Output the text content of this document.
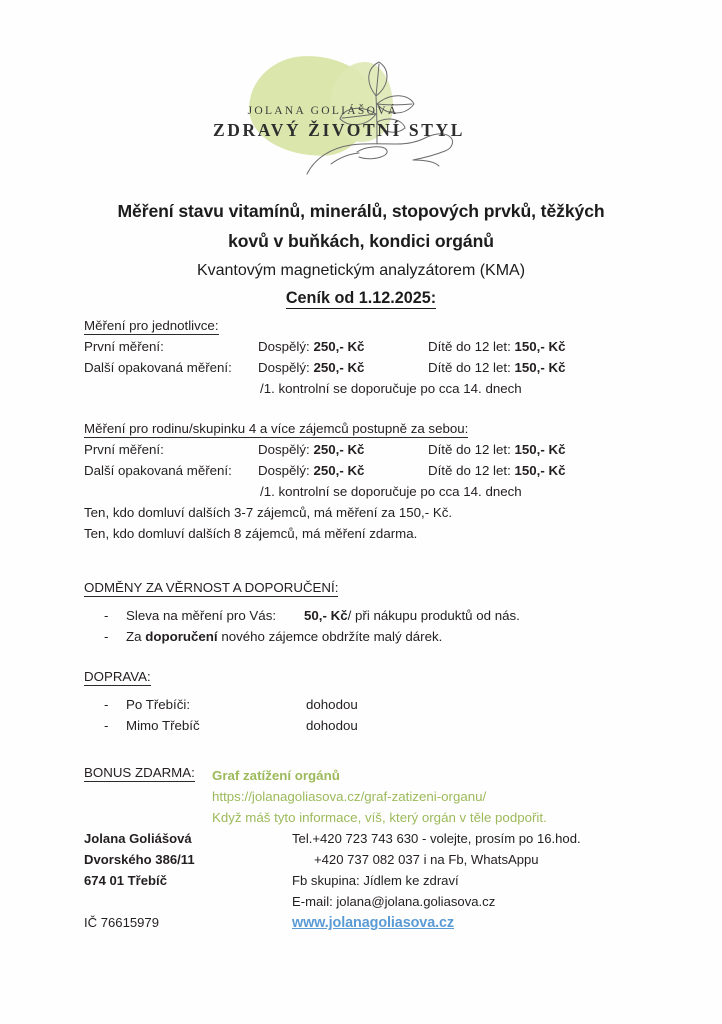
JOLANA GOLIÁŠOVÁ
ZDRAVÝ ŽIVOTNÍ STYL
Měření stavu vitamínů, minerálů, stopových prvků, těžkých
kovů v buňkách, kondici orgánů
Kvantovým magnetickým analyzátorem (KMA)
Ceník od 1.12.2025:
Měření pro jednotlivce:
První měření:	Dospělý: 250,- Kč	Dítě do 12 let: 150,- Kč
Další opakovaná měření: Dospělý: 250,- Kč	Dítě do 12 let: 150,- Kč
/1. kontrolní se doporučuje po cca 14. dnech
Měření pro rodinu/skupinku 4 a více zájemců postupně za sebou:
První měření:	Dospělý: 250,- Kč	Dítě do 12 let: 150,- Kč
Další opakovaná měření: Dospělý: 250,- Kč	Dítě do 12 let: 150,- Kč
/1. kontrolní se doporučuje po cca 14. dnech
Ten, kdo domluví dalších 3-7 zájemců, má měření za 150,- Kč.
Ten, kdo domluví dalších 8 zájemců, má měření zdarma.
ODMĚNY ZA VĚRNOST A DOPORUČENÍ:
- Sleva na měření pro Vás: 50,- Kč/ při nákupu produktů od nás.
- Za doporučení nového zájemce obdržíte malý dárek.
DOPRAVA:
- Po Třebíči:	dohodou
- Mimo Třebíč	dohodou
BONUS ZDARMA: Graf zatížení orgánů
https://jolanagoliasova.cz/graf-zatizeni-organu/
Když máš tyto informace, víš, který orgán v těle podpořit.
Jolana Goliášová
Dvorského 386/11
674 01 Třebíč
IČ 76615979
Tel.+420 723 743 630 - volejte, prosím po 16.hod.
+420 737 082 037 i na Fb, WhatsAppu
Fb skupina: Jídlem ke zdraví
E-mail: jolana@jolana.goliasova.cz
www.jolanagoliasova.cz
